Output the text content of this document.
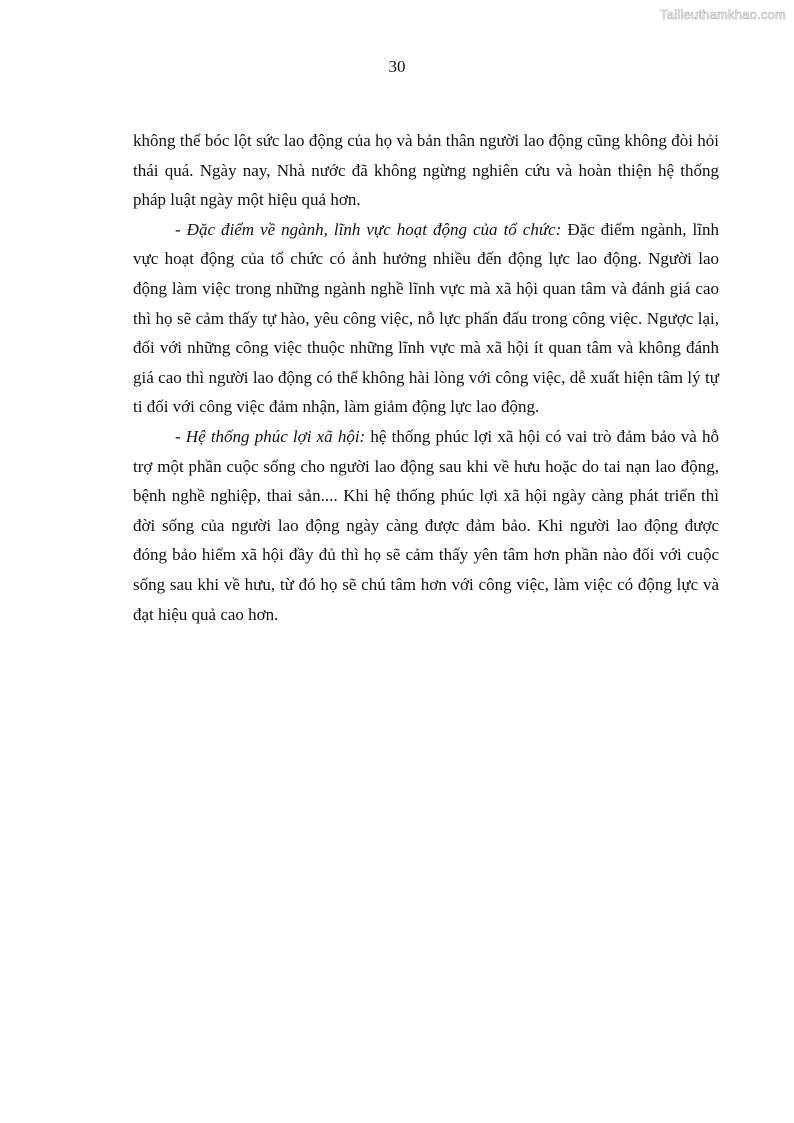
Tailieuthamkhao.com
30

không thể bóc lột sức lao động của họ và bản thân người lao động cũng không đòi hỏi thái quá. Ngày nay, Nhà nước đã không ngừng nghiên cứu và hoàn thiện hệ thống pháp luật ngày một hiệu quả hơn.

- Đặc điểm về ngành, lĩnh vực hoạt động của tổ chức: Đặc điểm ngành, lĩnh vực hoạt động của tổ chức có ảnh hưởng nhiều đến động lực lao động. Người lao động làm việc trong những ngành nghề lĩnh vực mà xã hội quan tâm và đánh giá cao thì họ sẽ cảm thấy tự hào, yêu công việc, nỗ lực phấn đấu trong công việc. Ngược lại, đối với những công việc thuộc những lĩnh vực mà xã hội ít quan tâm và không đánh giá cao thì người lao động có thể không hài lòng với công việc, dễ xuất hiện tâm lý tự ti đối với công việc đảm nhận, làm giảm động lực lao động.

- Hệ thống phúc lợi xã hội: hệ thống phúc lợi xã hội có vai trò đảm bảo và hỗ trợ một phần cuộc sống cho người lao động sau khi về hưu hoặc do tai nạn lao động, bệnh nghề nghiệp, thai sản.... Khi hệ thống phúc lợi xã hội ngày càng phát triển thì đời sống của người lao động ngày càng được đảm bảo. Khi người lao động được đóng bảo hiểm xã hội đầy đủ thì họ sẽ cảm thấy yên tâm hơn phần nào đối với cuộc sống sau khi về hưu, từ đó họ sẽ chú tâm hơn với công việc, làm việc có động lực và đạt hiệu quả cao hơn.
